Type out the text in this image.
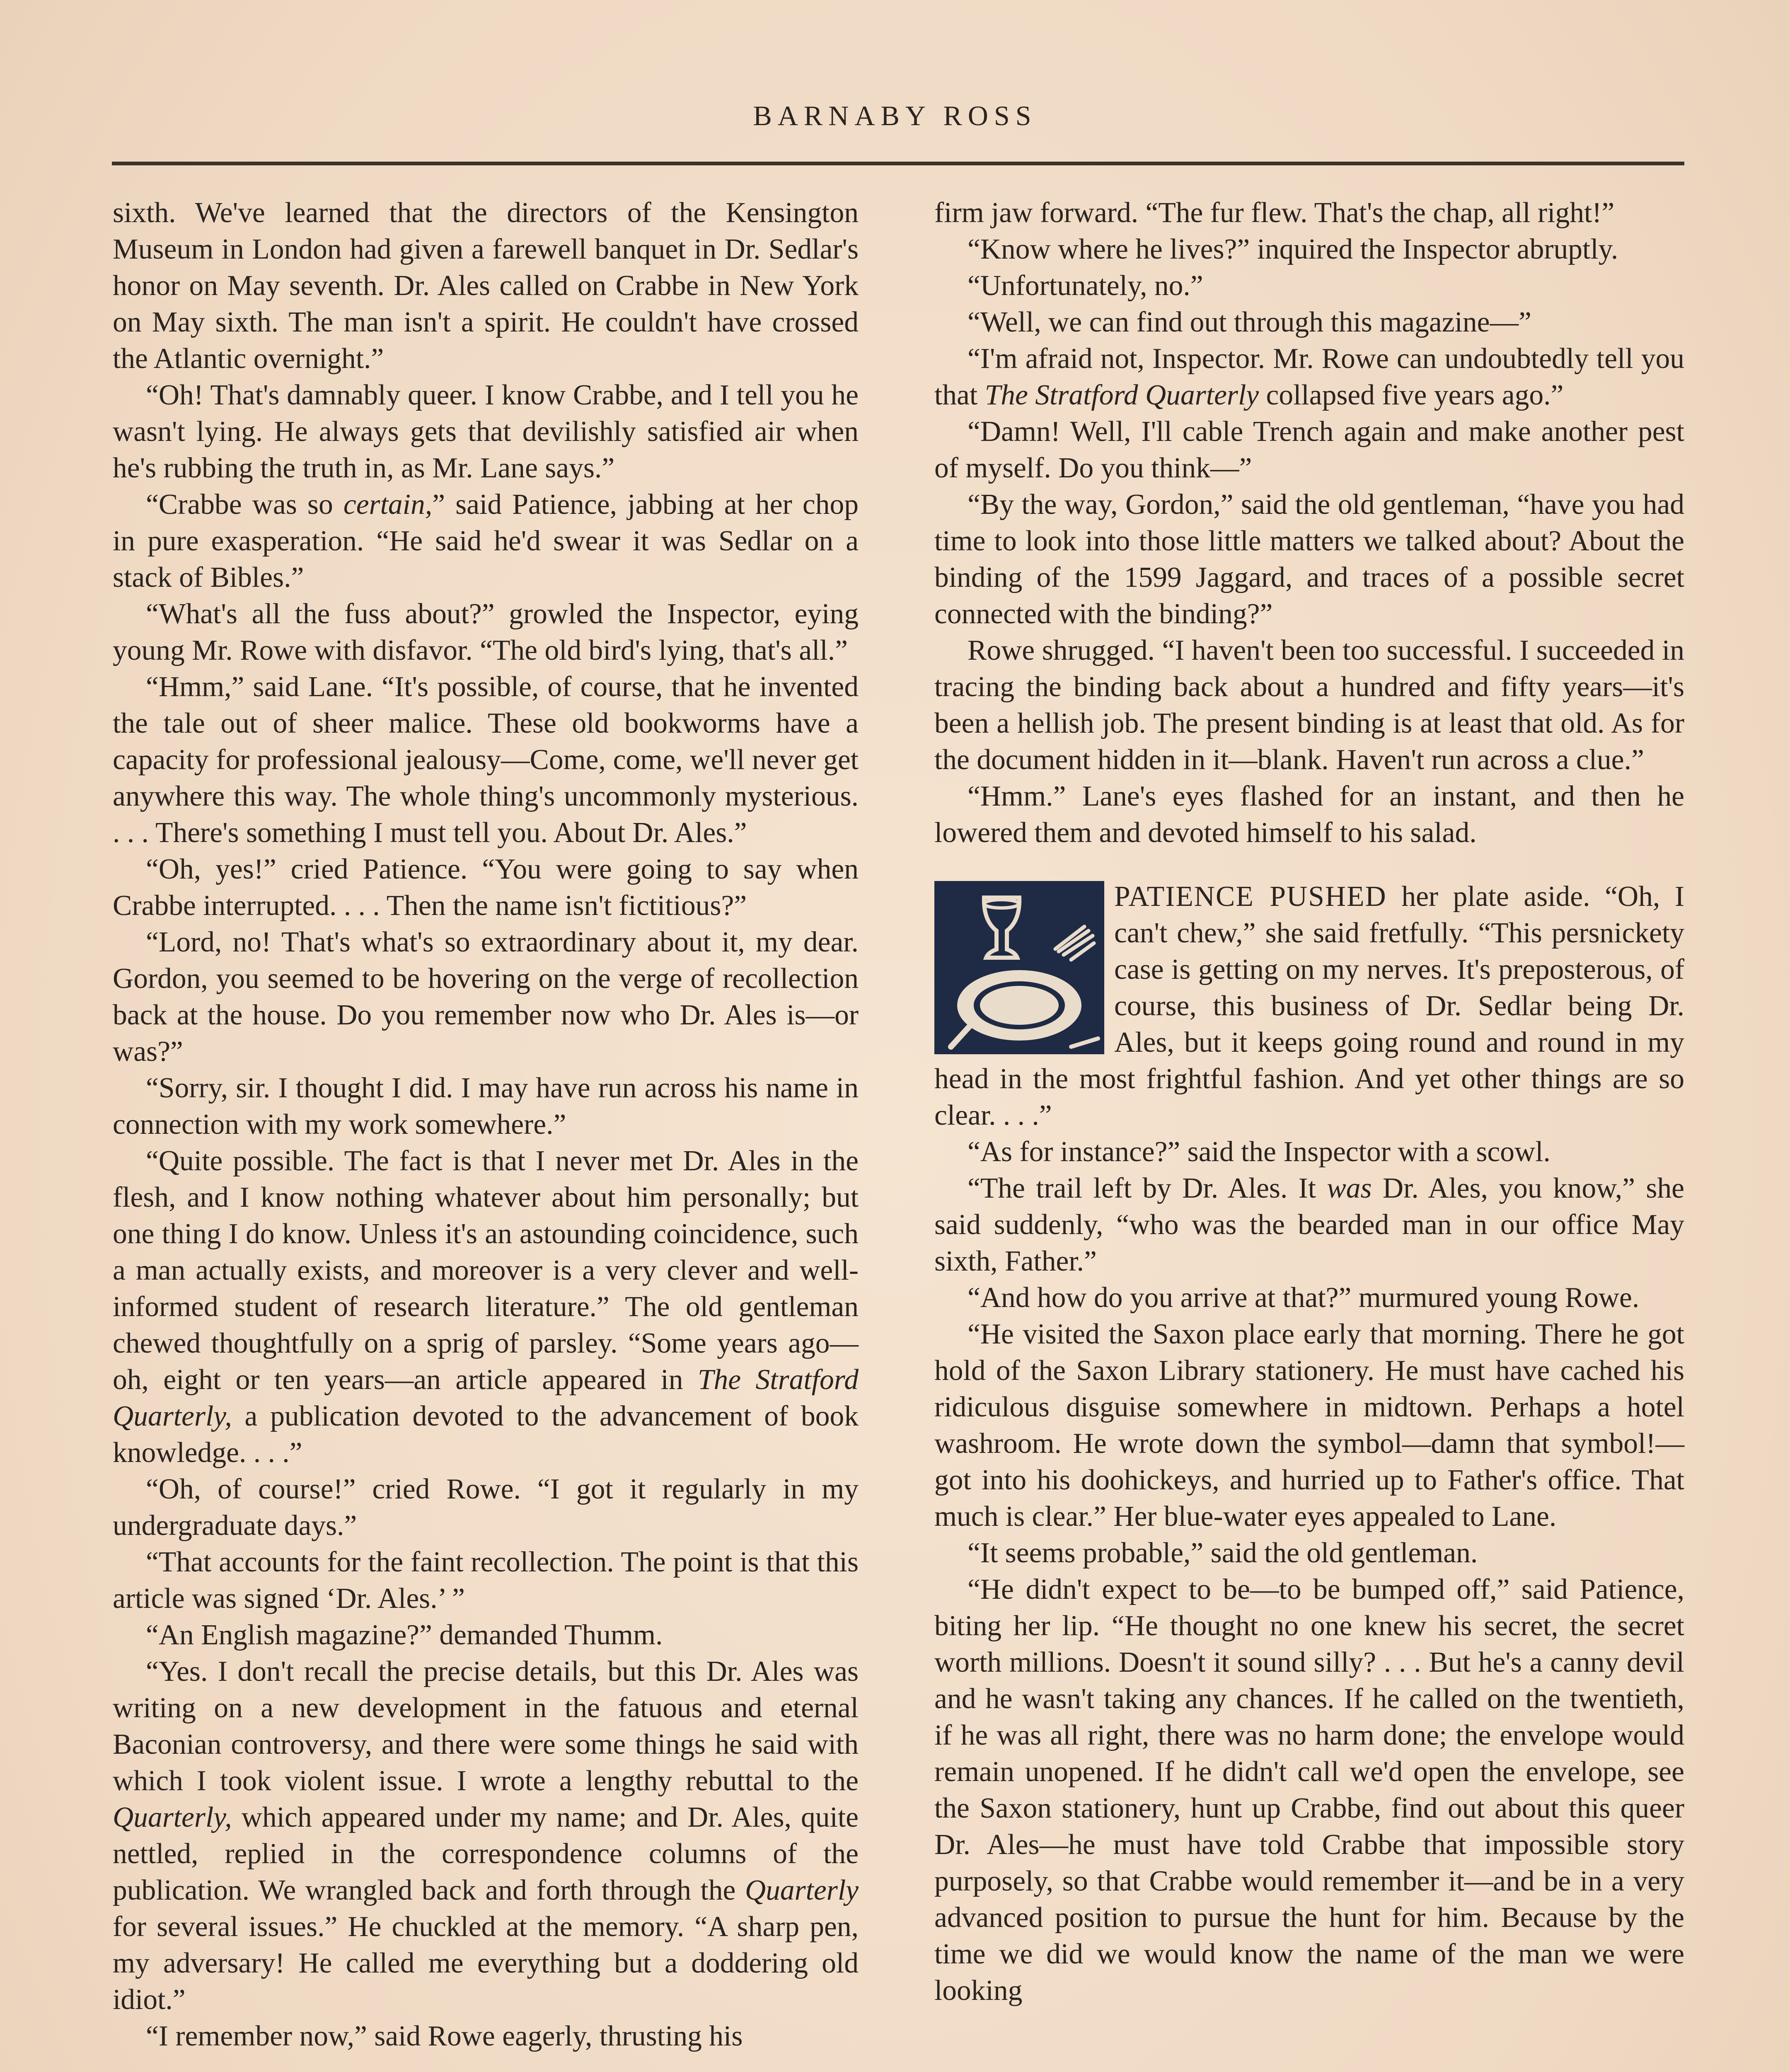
BARNABY ROSS

sixth. We've learned that the directors of the Kensington Museum in London had given a farewell banquet in Dr. Sedlar's honor on May seventh. Dr. Ales called on Crabbe in New York on May sixth. The man isn't a spirit. He couldn't have crossed the Atlantic overnight.”

“Oh! That's damnably queer. I know Crabbe, and I tell you he wasn't lying. He always gets that devilishly satisfied air when he's rubbing the truth in, as Mr. Lane says.”

“Crabbe was so certain,” said Patience, jabbing at her chop in pure exasperation. “He said he'd swear it was Sedlar on a stack of Bibles.”

“What's all the fuss about?” growled the Inspector, eying young Mr. Rowe with disfavor. “The old bird's lying, that's all.”

“Hmm,” said Lane. “It's possible, of course, that he invented the tale out of sheer malice. These old bookworms have a capacity for professional jealousy—Come, come, we'll never get anywhere this way. The whole thing's uncommonly mysterious. . . . There's something I must tell you. About Dr. Ales.”

“Oh, yes!” cried Patience. “You were going to say when Crabbe interrupted. . . . Then the name isn't fictitious?”

“Lord, no! That's what's so extraordinary about it, my dear. Gordon, you seemed to be hovering on the verge of recollection back at the house. Do you remember now who Dr. Ales is—or was?”

“Sorry, sir. I thought I did. I may have run across his name in connection with my work somewhere.”

“Quite possible. The fact is that I never met Dr. Ales in the flesh, and I know nothing whatever about him personally; but one thing I do know. Unless it's an astounding coincidence, such a man actually exists, and moreover is a very clever and well-informed student of research literature.” The old gentleman chewed thoughtfully on a sprig of parsley. “Some years ago—oh, eight or ten years—an article appeared in The Stratford Quarterly, a publication devoted to the advancement of book knowledge. . . .”

“Oh, of course!” cried Rowe. “I got it regularly in my undergraduate days.”

“That accounts for the faint recollection. The point is that this article was signed ‘Dr. Ales.’ ”

“An English magazine?” demanded Thumm.

“Yes. I don't recall the precise details, but this Dr. Ales was writing on a new development in the fatuous and eternal Baconian controversy, and there were some things he said with which I took violent issue. I wrote a lengthy rebuttal to the Quarterly, which appeared under my name; and Dr. Ales, quite nettled, replied in the correspondence columns of the publication. We wrangled back and forth through the Quarterly for several issues.” He chuckled at the memory. “A sharp pen, my adversary! He called me everything but a doddering old idiot.”

“I remember now,” said Rowe eagerly, thrusting his

firm jaw forward. “The fur flew. That's the chap, all right!”

“Know where he lives?” inquired the Inspector abruptly.

“Unfortunately, no.”

“Well, we can find out through this magazine—”

“I'm afraid not, Inspector. Mr. Rowe can undoubtedly tell you that The Stratford Quarterly collapsed five years ago.”

“Damn! Well, I'll cable Trench again and make another pest of myself. Do you think—”

“By the way, Gordon,” said the old gentleman, “have you had time to look into those little matters we talked about? About the binding of the 1599 Jaggard, and traces of a possible secret connected with the binding?”

Rowe shrugged. “I haven't been too successful. I succeeded in tracing the binding back about a hundred and fifty years—it's been a hellish job. The present binding is at least that old. As for the document hidden in it—blank. Haven't run across a clue.”

“Hmm.” Lane's eyes flashed for an instant, and then he lowered them and devoted himself to his salad.

PATIENCE PUSHED her plate aside. “Oh, I can't chew,” she said fretfully. “This persnickety case is getting on my nerves. It's preposterous, of course, this business of Dr. Sedlar being Dr. Ales, but it keeps going round and round in my head in the most frightful fashion. And yet other things are so clear. . . .”

“As for instance?” said the Inspector with a scowl.

“The trail left by Dr. Ales. It was Dr. Ales, you know,” she said suddenly, “who was the bearded man in our office May sixth, Father.”

“And how do you arrive at that?” murmured young Rowe.

“He visited the Saxon place early that morning. There he got hold of the Saxon Library stationery. He must have cached his ridiculous disguise somewhere in midtown. Perhaps a hotel washroom. He wrote down the symbol—damn that symbol!—got into his doohickeys, and hurried up to Father's office. That much is clear.” Her blue-water eyes appealed to Lane.

“It seems probable,” said the old gentleman.

“He didn't expect to be—to be bumped off,” said Patience, biting her lip. “He thought no one knew his secret, the secret worth millions. Doesn't it sound silly? . . . But he's a canny devil and he wasn't taking any chances. If he called on the twentieth, if he was all right, there was no harm done; the envelope would remain unopened. If he didn't call we'd open the envelope, see the Saxon stationery, hunt up Crabbe, find out about this queer Dr. Ales—he must have told Crabbe that impossible story purposely, so that Crabbe would remember it—and be in a very advanced position to pursue the hunt for him. Because by the time we did we would know the name of the man we were looking
